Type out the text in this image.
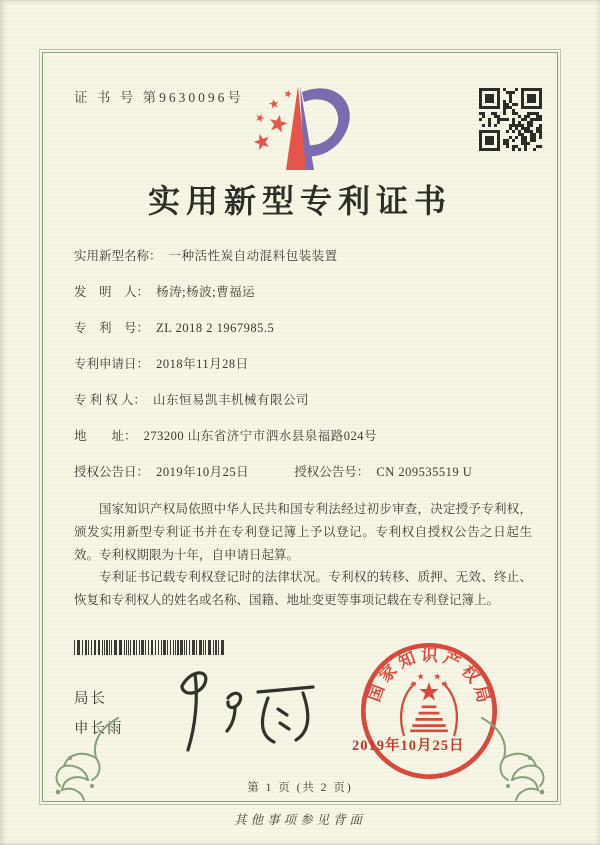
证 书 号 第9630096号
实用新型专利证书
实用新型名称： 一种活性炭自动混料包装装置
发　明　人： 杨涛;杨波;曹福运
专　利　号： ZL 2018 2 1967985.5
专利申请日： 2018年11月28日
专 利 权 人： 山东恒易凯丰机械有限公司
地　　址： 273200 山东省济宁市泗水县泉福路024号
授权公告日： 2019年10月25日	授权公告号： CN 209535519 U

国家知识产权局依照中华人民共和国专利法经过初步审查，决定授予专利权，颁发实用新型专利证书并在专利登记簿上予以登记。专利权自授权公告之日起生效。专利权期限为十年，自申请日起算。

专利证书记载专利权登记时的法律状况。专利权的转移、质押、无效、终止、恢复和专利权人的姓名或名称、国籍、地址变更等事项记载在专利登记簿上。

局长
申长雨
国家知识产权局
2019年10月25日
第 1 页 (共 2 页)
其他事项参见背面
